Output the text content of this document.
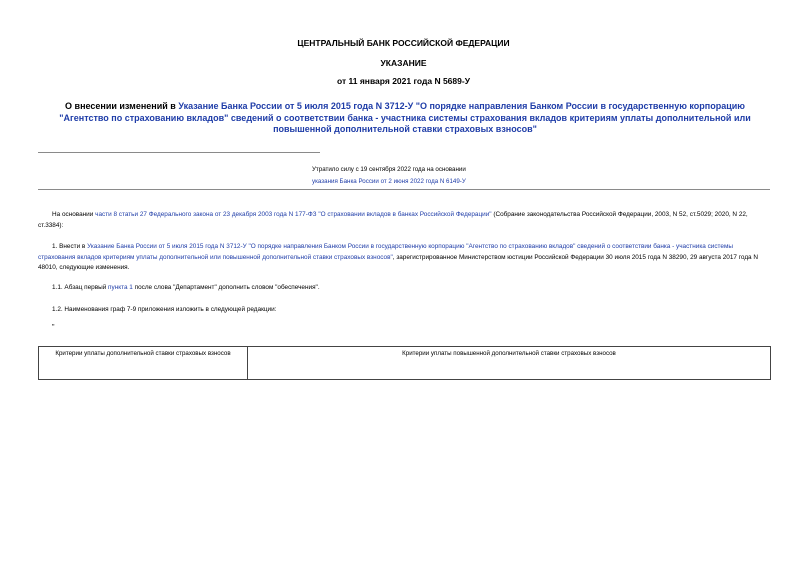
ЦЕНТРАЛЬНЫЙ БАНК РОССИЙСКОЙ ФЕДЕРАЦИИ
УКАЗАНИЕ
от 11 января 2021 года N 5689-У
О внесении изменений в Указание Банка России от 5 июля 2015 года N 3712-У "О порядке направления Банком России в государственную корпорацию "Агентство по страхованию вкладов" сведений о соответствии банка - участника системы страхования вкладов критериям уплаты дополнительной или повышенной дополнительной ставки страховых взносов"
Утратило силу с 19 сентября 2022 года на основании
указания Банка России от 2 июня 2022 года N 6149-У
На основании части 8 статьи 27 Федерального закона от 23 декабря 2003 года N 177-ФЗ "О страховании вкладов в банках Российской Федерации" (Собрание законодательства Российской Федерации, 2003, N 52, ст.5029; 2020, N 22, ст.3384):
1. Внести в Указание Банка России от 5 июля 2015 года N 3712-У "О порядке направления Банком России в государственную корпорацию "Агентство по страхованию вкладов" сведений о соответствии банка - участника системы страхования вкладов критериям уплаты дополнительной или повышенной дополнительной ставки страховых взносов", зарегистрированное Министерством юстиции Российской Федерации 30 июля 2015 года N 38290, 29 августа 2017 года N 48010, следующие изменения.
1.1. Абзац первый пункта 1 после слова "Департамент" дополнить словом "обеспечения".
1.2. Наименования граф 7-9 приложения изложить в следующей редакции:
"
Критерии уплаты дополнительной ставки страховых взносов	Критерии уплаты повышенной дополнительной ставки страховых взносов
